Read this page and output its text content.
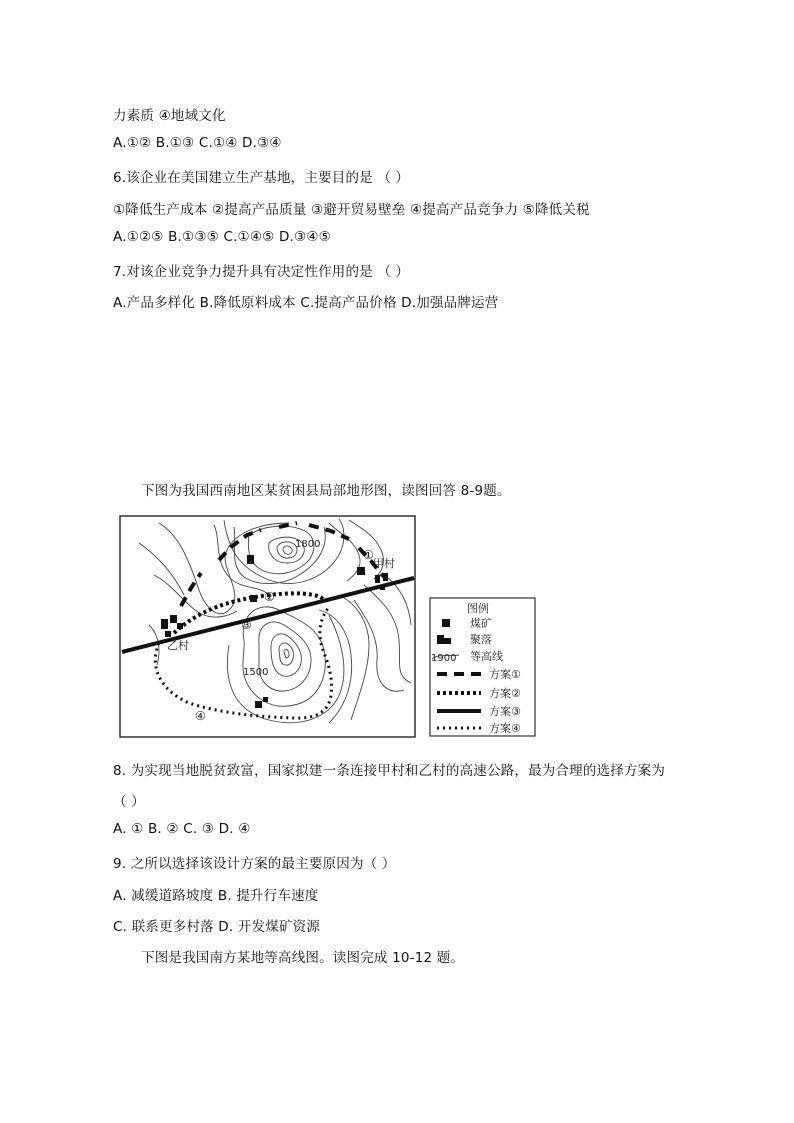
力素质 ④地域文化
A.①② B.①③ C.①④ D.③④
6.该企业在美国建立生产基地，主要目的是 （ ）
①降低生产成本 ②提高产品质量 ③避开贸易壁垒 ④提高产品竞争力 ⑤降低关税
A.①②⑤ B.①③⑤ C.①④⑤ D.③④⑤
7.对该企业竞争力提升具有决定性作用的是 （ ）
A.产品多样化 B.降低原料成本 C.提高产品价格 D.加强品牌运营
下图为我国西南地区某贫困县局部地形图，读图回答 8-9题。
1800
1500
甲村
乙村
①
②
③
④
图例
煤矿
聚落
1900 等高线
方案①
方案②
方案③
方案④
8. 为实现当地脱贫致富，国家拟建一条连接甲村和乙村的高速公路，最为合理的选择方案为
（ ）
A. ① B. ② C. ③ D. ④
9. 之所以选择该设计方案的最主要原因为（ ）
A. 减缓道路坡度 B. 提升行车速度
C. 联系更多村落 D. 开发煤矿资源
下图是我国南方某地等高线图。读图完成 10-12 题。
